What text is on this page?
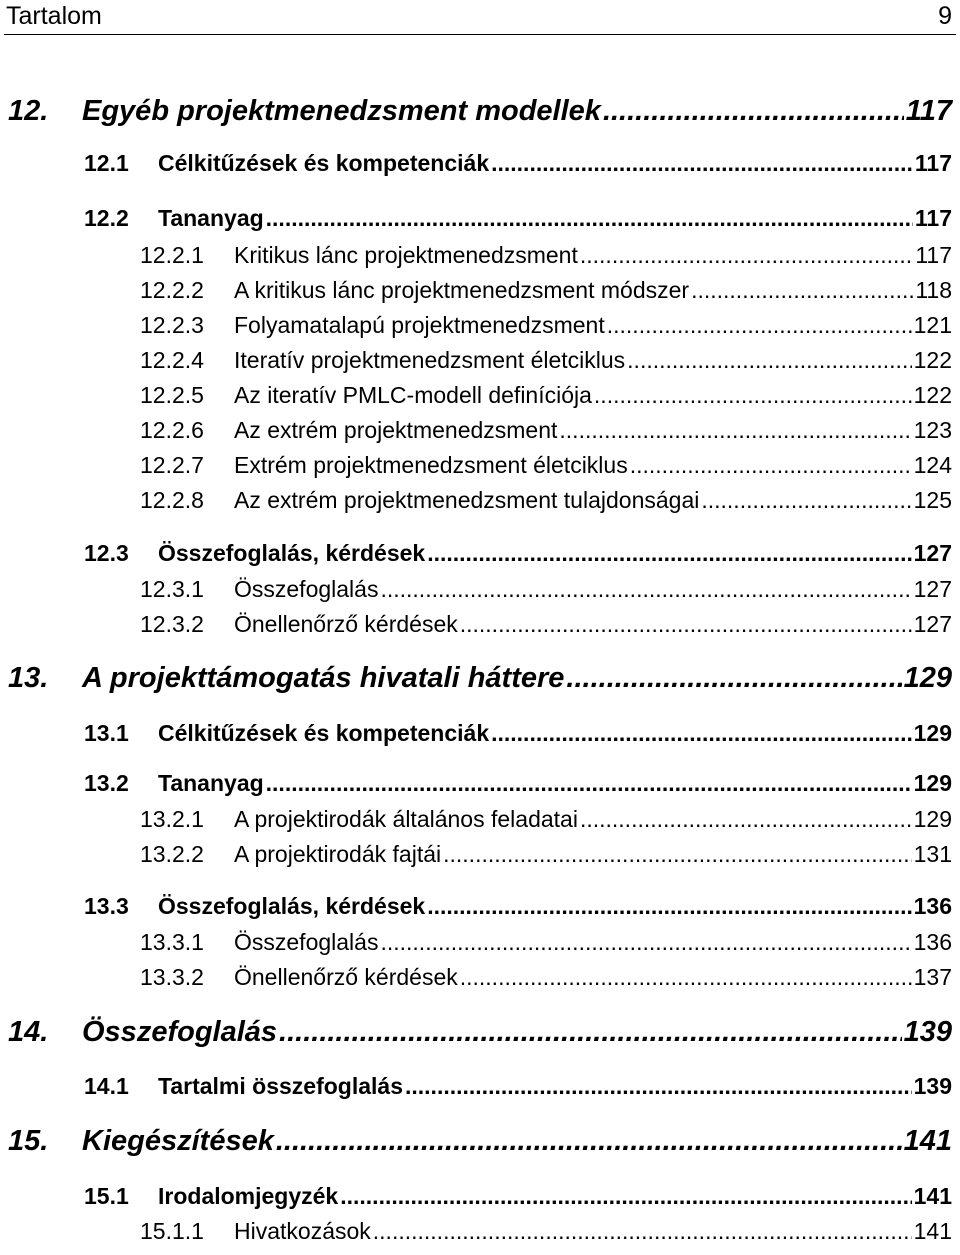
Tartalom	9
12. Egyéb projektmenedzsment modellek .....	117
12.1	Célkitűzések és kompetenciák .....	117
12.2	Tananyag .....	117
12.2.1	Kritikus lánc projektmenedzsment .....	117
12.2.2	A kritikus lánc projektmenedzsment módszer .....	118
12.2.3	Folyamatalapú projektmenedzsment .....	121
12.2.4	Iteratív projektmenedzsment életciklus .....	122
12.2.5	Az iteratív PMLC-modell definíciója .....	122
12.2.6	Az extrém projektmenedzsment .....	123
12.2.7	Extrém projektmenedzsment életciklus .....	124
12.2.8	Az extrém projektmenedzsment tulajdonságai .....	125
12.3	Összefoglalás, kérdések .....	127
12.3.1	Összefoglalás .....	127
12.3.2	Önellenőrző kérdések .....	127
13. A projekttámogatás hivatali háttere .....	129
13.1	Célkitűzések és kompetenciák .....	129
13.2	Tananyag .....	129
13.2.1	A projektirodák általános feladatai .....	129
13.2.2	A projektirodák fajtái .....	131
13.3	Összefoglalás, kérdések .....	136
13.3.1	Összefoglalás .....	136
13.3.2	Önellenőrző kérdések .....	137
14. Összefoglalás .....	139
14.1	Tartalmi összefoglalás .....	139
15. Kiegészítések .....	141
15.1	Irodalomjegyzék .....	141
15.1.1	Hivatkozások .....	141
